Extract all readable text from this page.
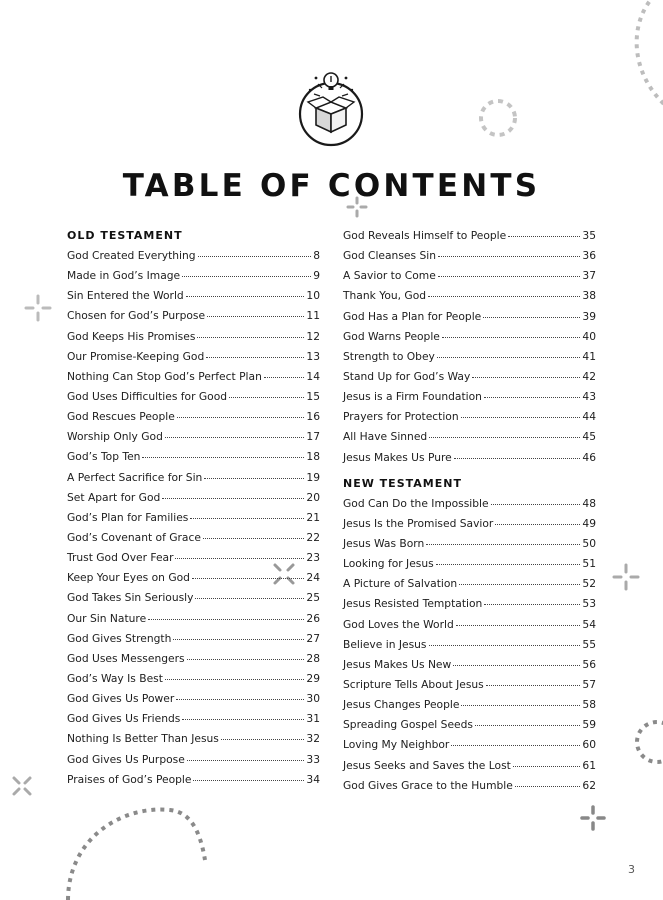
TABLE OF CONTENTS
OLD TESTAMENT
God Created Everything	8
Made in God’s Image	9
Sin Entered the World	10
Chosen for God’s Purpose	11
God Keeps His Promises	12
Our Promise-Keeping God	13
Nothing Can Stop God’s Perfect Plan	14
God Uses Difficulties for Good	15
God Rescues People	16
Worship Only God	17
God’s Top Ten	18
A Perfect Sacrifice for Sin	19
Set Apart for God	20
God’s Plan for Families	21
God’s Covenant of Grace	22
Trust God Over Fear	23
Keep Your Eyes on God	24
God Takes Sin Seriously	25
Our Sin Nature	26
God Gives Strength	27
God Uses Messengers	28
God’s Way Is Best	29
God Gives Us Power	30
God Gives Us Friends	31
Nothing Is Better Than Jesus	32
God Gives Us Purpose	33
Praises of God’s People	34
God Reveals Himself to People	35
God Cleanses Sin	36
A Savior to Come	37
Thank You, God	38
God Has a Plan for People	39
God Warns People	40
Strength to Obey	41
Stand Up for God’s Way	42
Jesus is a Firm Foundation	43
Prayers for Protection	44
All Have Sinned	45
Jesus Makes Us Pure	46
NEW TESTAMENT
God Can Do the Impossible	48
Jesus Is the Promised Savior	49
Jesus Was Born	50
Looking for Jesus	51
A Picture of Salvation	52
Jesus Resisted Temptation	53
God Loves the World	54
Believe in Jesus	55
Jesus Makes Us New	56
Scripture Tells About Jesus	57
Jesus Changes People	58
Spreading Gospel Seeds	59
Loving My Neighbor	60
Jesus Seeks and Saves the Lost	61
God Gives Grace to the Humble	62
3
